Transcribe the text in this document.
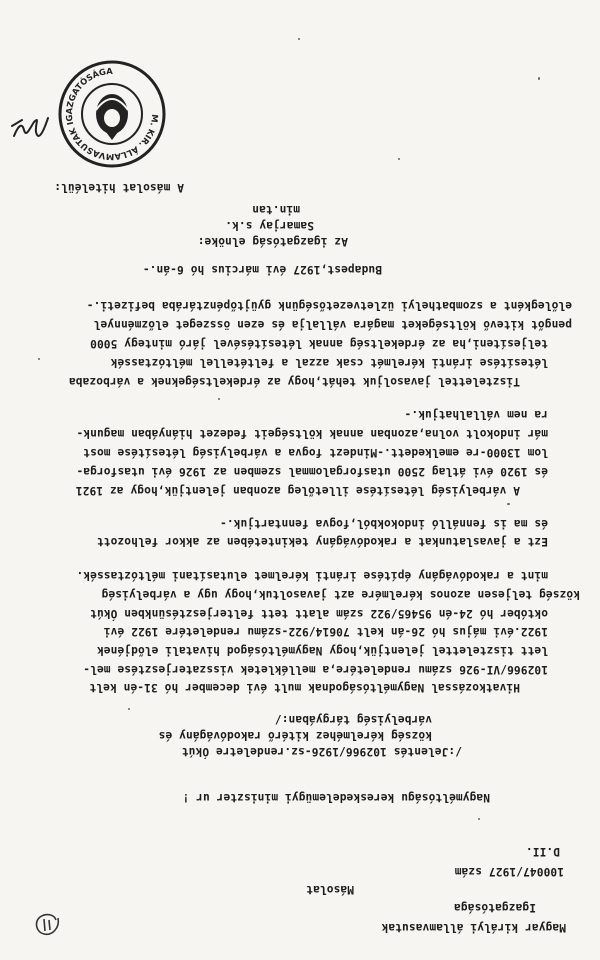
Magyar királyi államvasutak
Igazgatósága
Másolat
100047/1927 szám
D.II.
Nagyméltóságu kereskedelemügyi miniszter ur !
/:Jelentés 102966/1926-sz.rendeletre Ókút
község kérelméhez kitérő rakodóvágány és
várbelyiség tárgyában:/
Hivatkozással Nagyméltóságodnak mult évi december hó 31-én kelt
102966/VI-926 számu rendeletére,a mellékletek visszaterjesztése mel-
lett tisztelettel jelentjük,hogy Nagyméltóságod hivatali elődjének
1922.évi május hó 26-án kelt 70614/922-számu rendeletére 1922 évi
október hó 24-én 95465/922 szám alatt tett felterjesztésünkben Ókút
község teljesen azonos kérelmére azt javasoltuk,hogy ugy a várbelyiség
mint a rakodóvágány építése iránti kérelmet elutasítani méltóztassék.
Ezt a javaslatunkat a rakodóvágány tekintetében az akkor felhozott
és ma is fennálló indokokból,fogva fenntartjuk.-
A várbelyiség létesítése illetőleg azonban jelentjük,hogy az 1921
és 1920 évi átlag 2500 utasforgalommal szemben az 1926 évi utasforga-
lom 13000-re emelkedett.-Mindezt fogva a várbelyiség létesítése most
már indokolt volna,azonban annak költségeit fedezet hiányában magunk-
ra nem vállalhatjuk.-
Tisztelettel javasoljuk tehát,hogy az érdekeltségeknek a várbozaba
létesítése iránti kérelmét csak azzal a feltétellel méltóztassék
teljesíteni,ha az érdekeltség annak létesítésével járó mintegy 5000
pengőt kitevő költségeket magára vállalja és ezen összeget előzménnyel
előlegként a szombathelyi üzletvezetőségünk gyüjtőpénztárába befizeti.-
Budapest,1927 évi március hó 6-án.-
Az igazgatóság elnöke:
Samarjay s.k.
min.tan
A másolat hiteléül:
M. KIR. ÁLLAMVASUTAK IGAZGATÓSÁGA
